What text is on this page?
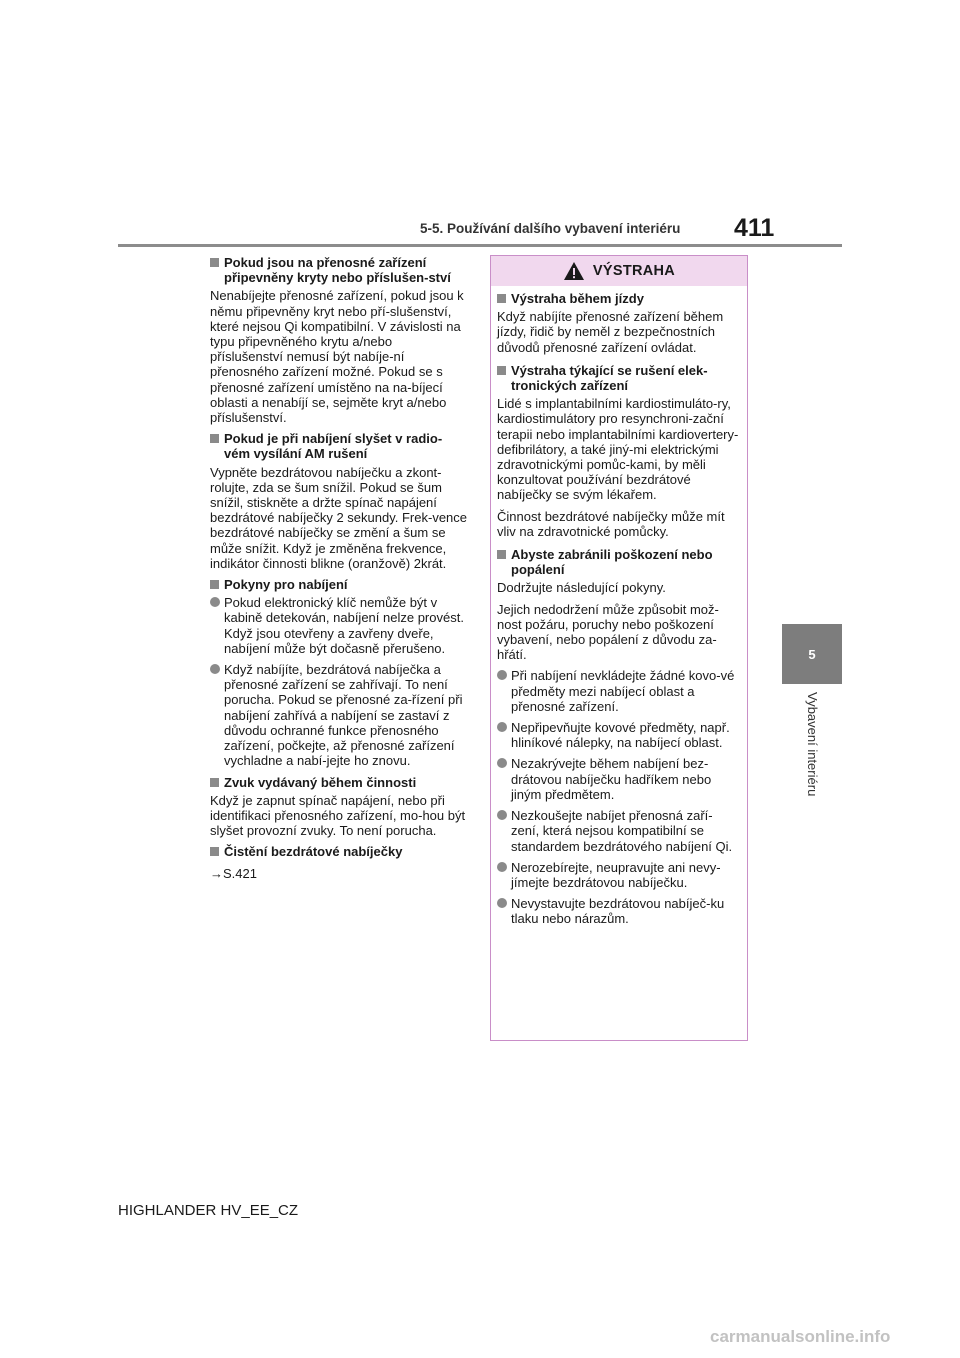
5-5. Používání dalšího vybavení interiéru	411
5
Vybavení interiéru
Pokud jsou na přenosné zařízení připevněny kryty nebo příslušen-ství
Nenabíjejte přenosné zařízení, pokud jsou k němu připevněny kryt nebo pří-slušenství, které nejsou Qi kompatibilní. V závislosti na typu připevněného krytu a/nebo příslušenství nemusí být nabíje-ní přenosného zařízení možné. Pokud se s přenosné zařízení umístěno na na-bíjecí oblasti a nenabíjí se, sejměte kryt a/nebo příslušenství.
Pokud je při nabíjení slyšet v radio-vém vysílání AM rušení
Vypněte bezdrátovou nabíječku a zkont-rolujte, zda se šum snížil. Pokud se šum snížil, stiskněte a držte spínač napájení bezdrátové nabíječky 2 sekundy. Frek-vence bezdrátové nabíječky se změní a šum se může snížit. Když je změněna frekvence, indikátor činnosti blikne (oranžově) 2krát.
Pokyny pro nabíjení
Pokud elektronický klíč nemůže být v kabině detekován, nabíjení nelze provést. Když jsou otevřeny a zavřeny dveře, nabíjení může být dočasně přerušeno.
Když nabíjíte, bezdrátová nabíječka a přenosné zařízení se zahřívají. To není porucha. Pokud se přenosné za-řízení při nabíjení zahřívá a nabíjení se zastaví z důvodu ochranné funkce přenosného zařízení, počkejte, až přenosné zařízení vychladne a nabí-jejte ho znovu.
Zvuk vydávaný během činnosti
Když je zapnut spínač napájení, nebo při identifikaci přenosného zařízení, mo-hou být slyšet provozní zvuky. To není porucha.
Čistění bezdrátové nabíječky
→S.421
VÝSTRAHA
Výstraha během jízdy
Když nabíjíte přenosné zařízení během jízdy, řidič by neměl z bezpečnostních důvodů přenosné zařízení ovládat.
Výstraha týkající se rušení elek-tronických zařízení
Lidé s implantabilními kardiostimuláto-ry, kardiostimulátory pro resynchroni-zační terapii nebo implantabilními kardiovertery-defibrilátory, a také jiný-mi elektrickými zdravotnickými pomůc-kami, by měli konzultovat používání bezdrátové nabíječky se svým lékařem.
Činnost bezdrátové nabíječky může mít vliv na zdravotnické pomůcky.
Abyste zabránili poškození nebo popálení
Dodržujte následující pokyny.
Jejich nedodržení může způsobit mož-nost požáru, poruchy nebo poškození vybavení, nebo popálení z důvodu za-hřátí.
Při nabíjení nevkládejte žádné kovo-vé předměty mezi nabíjecí oblast a přenosné zařízení.
Nepřipevňujte kovové předměty, např. hliníkové nálepky, na nabíjecí oblast.
Nezakrývejte během nabíjení bez-drátovou nabíječku hadříkem nebo jiným předmětem.
Nezkoušejte nabíjet přenosná zaří-zení, která nejsou kompatibilní se standardem bezdrátového nabíjení Qi.
Nerozebírejte, neupravujte ani nevy-jímejte bezdrátovou nabíječku.
Nevystavujte bezdrátovou nabíječ-ku tlaku nebo nárazům.
HIGHLANDER HV_EE_CZ
carmanualsonline.info
